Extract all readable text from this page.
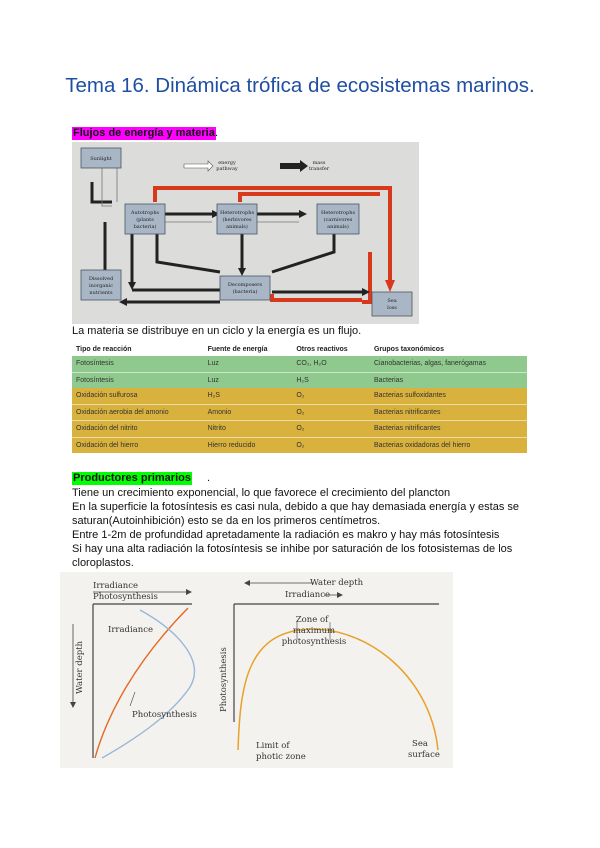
Tema 16. Dinámica trófica de ecosistemas marinos.
Flujos de energía y materia .
energy
pathway
mass
transfer
Sunlight
Autotrophs
(plants
bacteria)
Heterotrophs
(herbivores
animals)
Heterotrophs
(carnivores
animals)
Dissolved
inorganic
nutrients
Decomposers
(bacteria)
Sea
loss
La materia se distribuye en un ciclo y la energía es un flujo.
Tipo de reacción	Fuente de energía	Otros reactivos	Grupos taxonómicos
Fotosíntesis	Luz	CO₂, H₂O	Cianobacterias, algas, fanerógamas
Fotosíntesis	Luz	H₂S	Bacterias
Oxidación sulfurosa	H₂S	O₂	Bacterias sulfoxidantes
Oxidación aerobia del amonio	Amonio	O₂	Bacterias nitrificantes
Oxidación del nitrito	Nitrito	O₂	Bacterias nitrificantes
Oxidación del hierro	Hierro reducido	O₂	Bacterias oxidadoras del hierro
Productores primarios .
Tiene un crecimiento exponencial, lo que favorece el crecimiento del plancton
En la superficie la fotosíntesis es casi nula, debido a que hay demasiada energía y estas se saturan(Autoinhibición) esto se da en los primeros centímetros.
Entre 1-2m de profundidad apretadamente la radiación es makro y hay más fotosíntesis
Si hay una alta radiación la fotosíntesis se inhibe por saturación de los fotosistemas de los cloroplastos.
Irradiance
Photosynthesis
Water depth
Irradiance
Photosynthesis
Water depth
Irradiance
Photosynthesis
Zone of
maximum
photosynthesis
Limit of
photic zone
Sea
surface
